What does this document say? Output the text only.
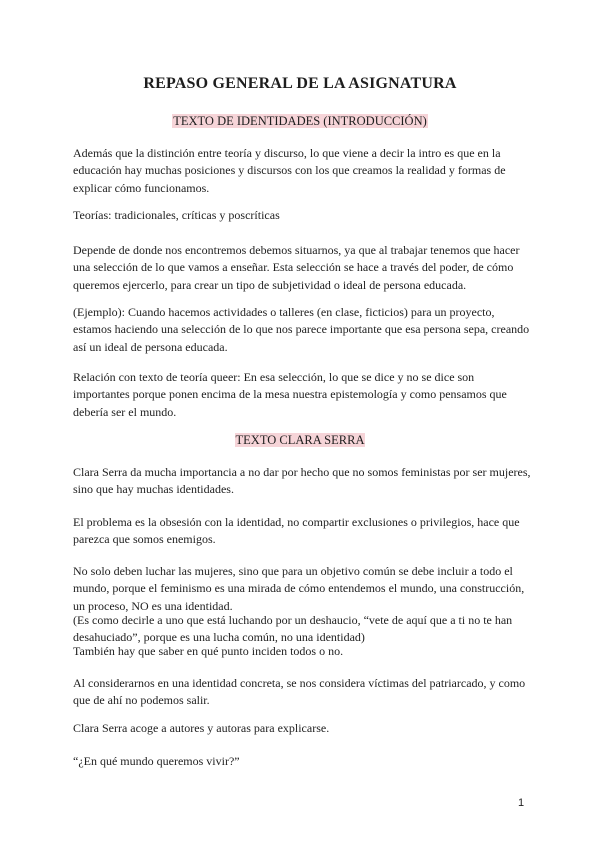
REPASO GENERAL DE LA ASIGNATURA
TEXTO DE IDENTIDADES (INTRODUCCIÓN)

Además que la distinción entre teoría y discurso, lo que viene a decir la intro es que en la educación hay muchas posiciones y discursos con los que creamos la realidad y formas de explicar cómo funcionamos.

Teorías: tradicionales, críticas y poscríticas

Depende de donde nos encontremos debemos situarnos, ya que al trabajar tenemos que hacer una selección de lo que vamos a enseñar. Esta selección se hace a través del poder, de cómo queremos ejercerlo, para crear un tipo de subjetividad o ideal de persona educada.

(Ejemplo): Cuando hacemos actividades o talleres (en clase, ficticios) para un proyecto, estamos haciendo una selección de lo que nos parece importante que esa persona sepa, creando así un ideal de persona educada.

Relación con texto de teoría queer: En esa selección, lo que se dice y no se dice son importantes porque ponen encima de la mesa nuestra epistemología y como pensamos que debería ser el mundo.

TEXTO CLARA SERRA

Clara Serra da mucha importancia a no dar por hecho que no somos feministas por ser mujeres, sino que hay muchas identidades.

El problema es la obsesión con la identidad, no compartir exclusiones o privilegios, hace que parezca que somos enemigos.

No solo deben luchar las mujeres, sino que para un objetivo común se debe incluir a todo el mundo, porque el feminismo es una mirada de cómo entendemos el mundo, una construcción, un proceso, NO es una identidad.

(Es como decirle a uno que está luchando por un deshaucio, “vete de aquí que a ti no te han desahuciado”, porque es una lucha común, no una identidad)

También hay que saber en qué punto inciden todos o no.

Al considerarnos en una identidad concreta, se nos considera víctimas del patriarcado, y como que de ahí no podemos salir.

Clara Serra acoge a autores y autoras para explicarse.

“¿En qué mundo queremos vivir?”

1
